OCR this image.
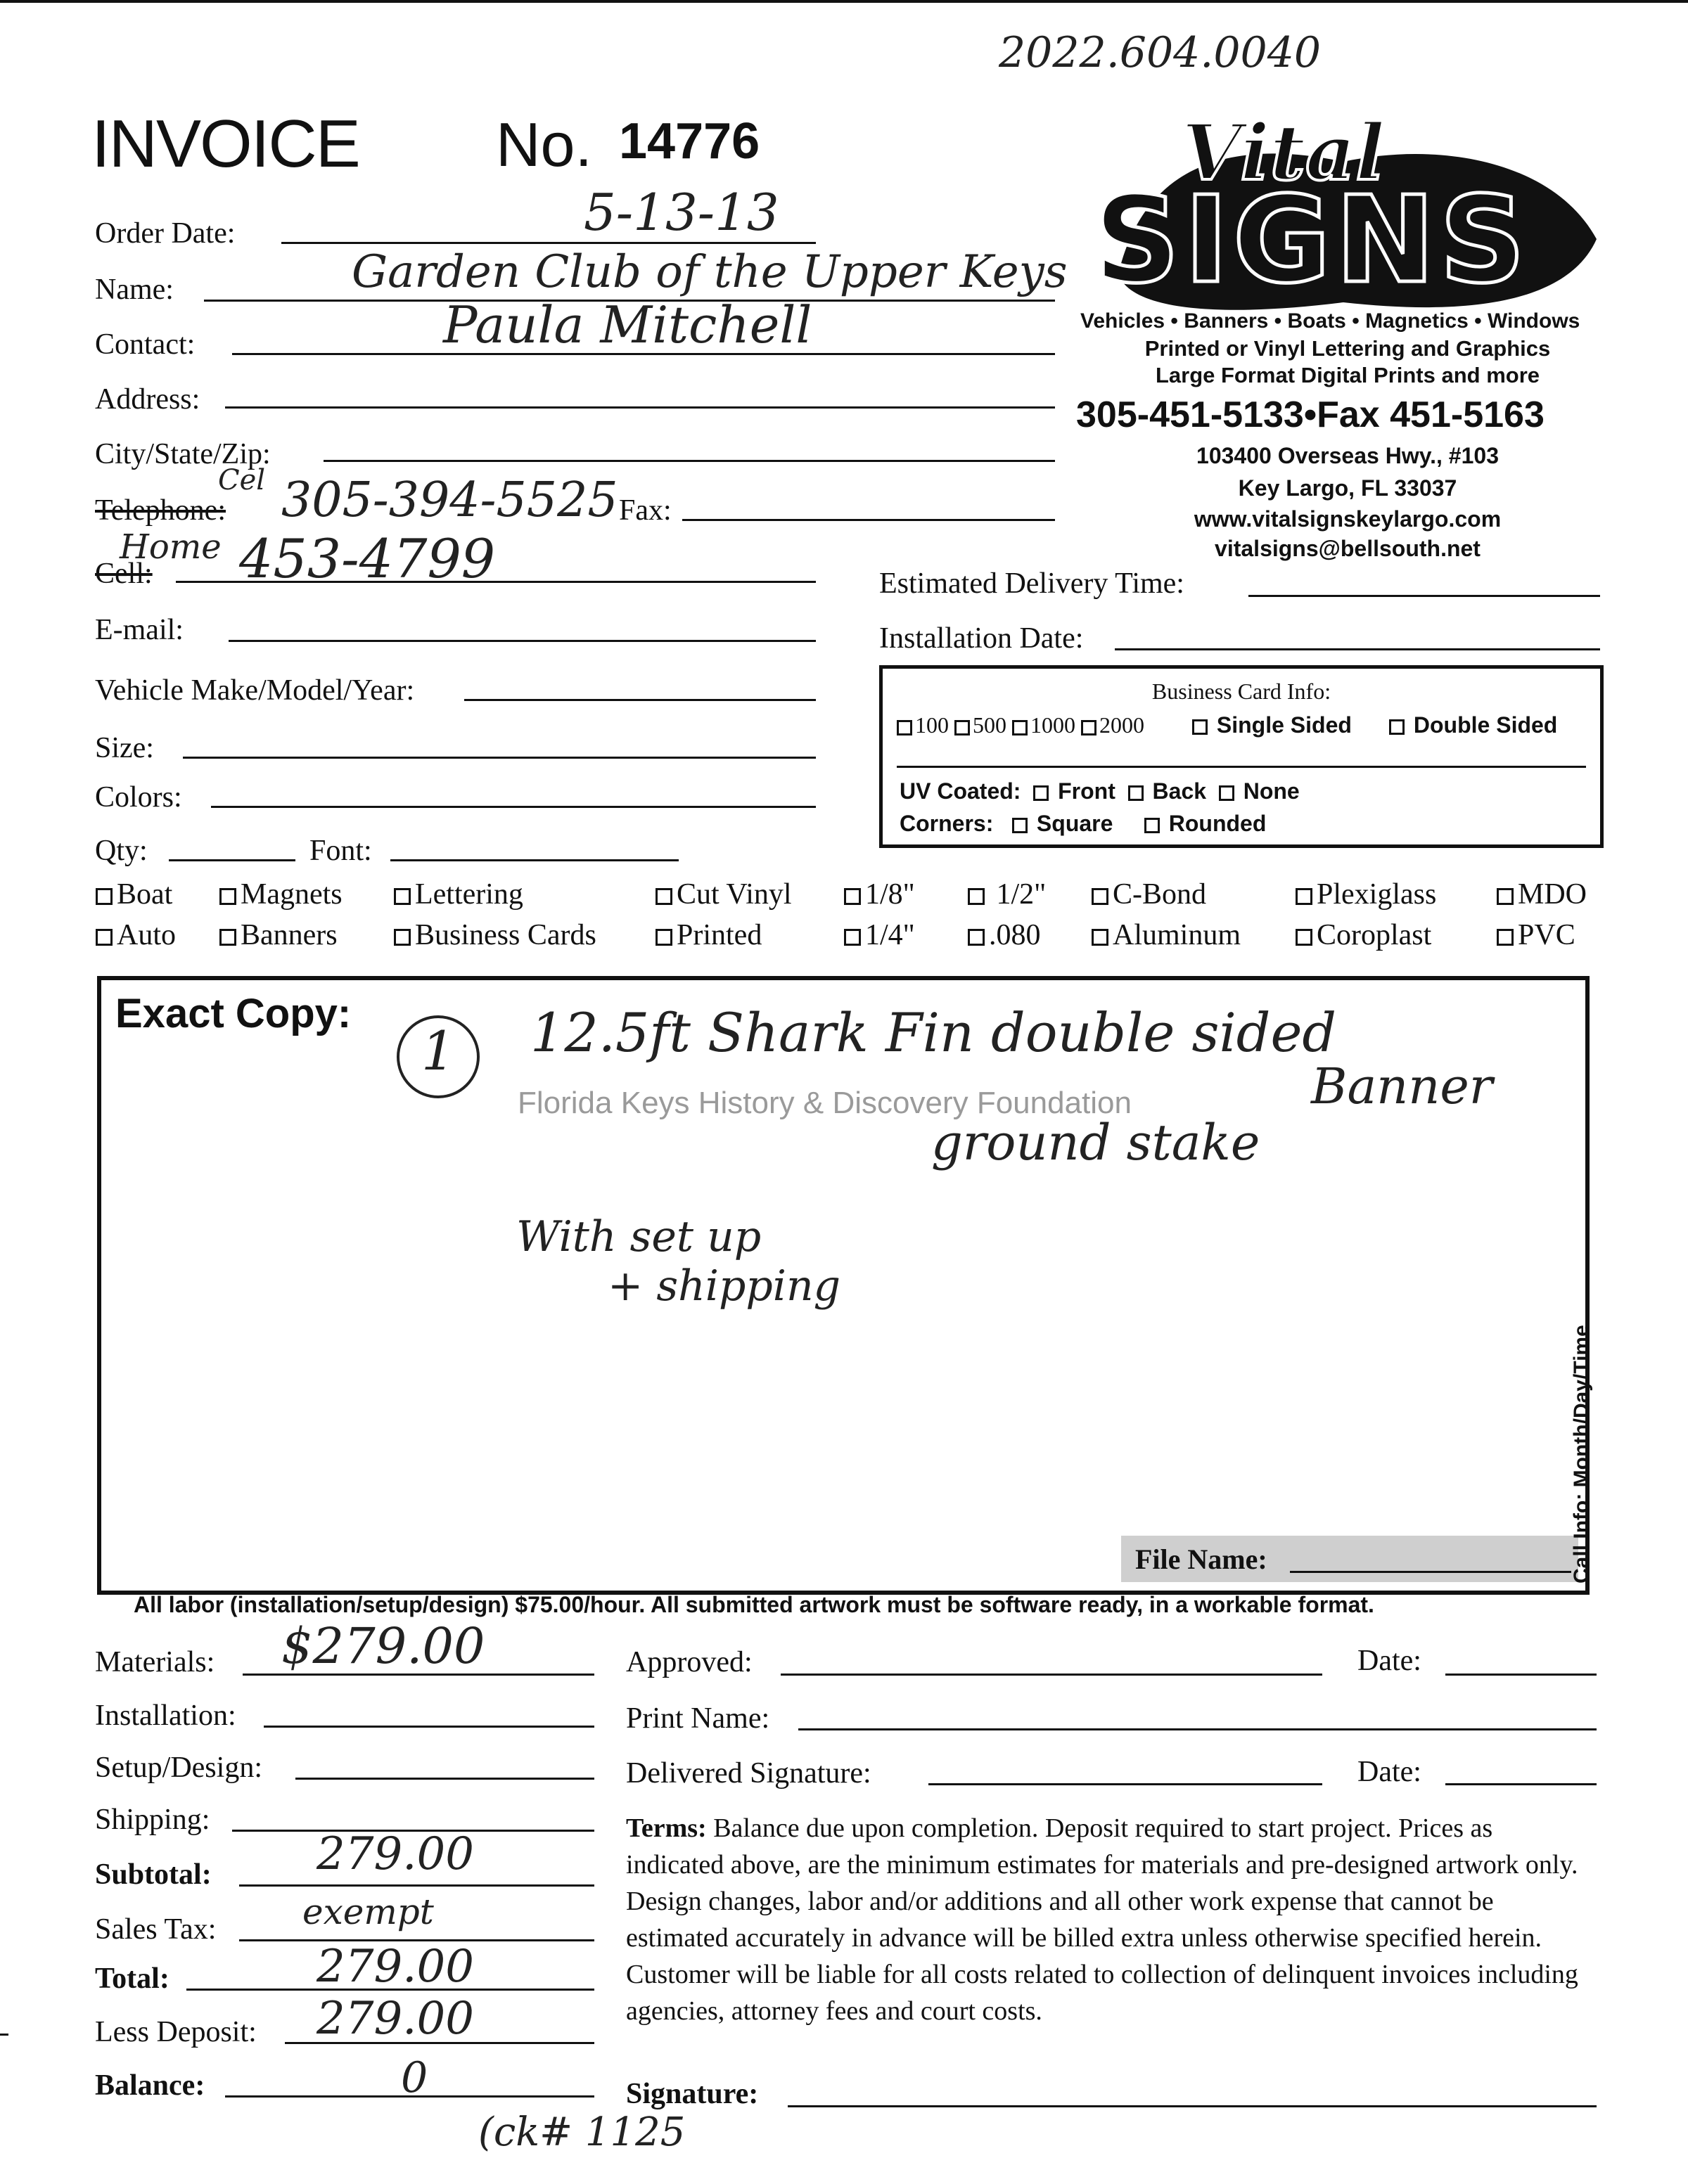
2022.604.0040
INVOICE No. 14776
Order Date:	5-13-13
Name:	Garden Club of the Upper Keys
Contact:	Paula Mitchell
Address:
City/State/Zip:
Telephone:
Cel 305-394-5525 Fax:
Cell:
Home 453-4799
E-mail:
Vehicle Make/Model/Year:
Size:
Colors:
Qty:	Font:
Vital
SIGNS
Vehicles • Banners • Boats • Magnetics • Windows
Printed or Vinyl Lettering and Graphics
Large Format Digital Prints and more
305-451-5133•Fax 451-5163
103400 Overseas Hwy., #103
Key Largo, FL 33037
www.vitalsignskeylargo.com
vitalsigns@bellsouth.net
Estimated Delivery Time:
Installation Date:
Business Card Info:
100 500 1000 2000	Single Sided	Double Sided
UV Coated: Front Back None
Corners: Square Rounded
Boat	Magnets	Lettering	Cut Vinyl	1/8"	1/2"	C-Bond	Plexiglass	MDO
Auto	Banners	Business Cards	Printed	1/4"	.080	Aluminum	Coroplast	PVC
Exact Copy:
1 12.5ft Shark Fin double sided
Banner
ground stake
With set up
+ shipping
Florida Keys History & Discovery Foundation
File Name:	Call Info: Month/Day/Time
All labor (installation/setup/design) $75.00/hour. All submitted artwork must be software ready, in a workable format.
Materials: $279.00
Installation:
Setup/Design:
Shipping:
Subtotal: 279.00
Sales Tax: exempt
Total:	279.00
Less Deposit: 279.00
Balance:	0
(ck# 1125
Approved:	Date:
Print Name:
Delivered Signature:	Date:
Terms: Balance due upon completion. Deposit required to start project. Prices as indicated above, are the minimum estimates for materials and pre-designed artwork only. Design changes, labor and/or additions and all other work expense that cannot be estimated accurately in advance will be billed extra unless otherwise specified herein. Customer will be liable for all costs related to collection of delinquent invoices including agencies, attorney fees and court costs.
Signature:
